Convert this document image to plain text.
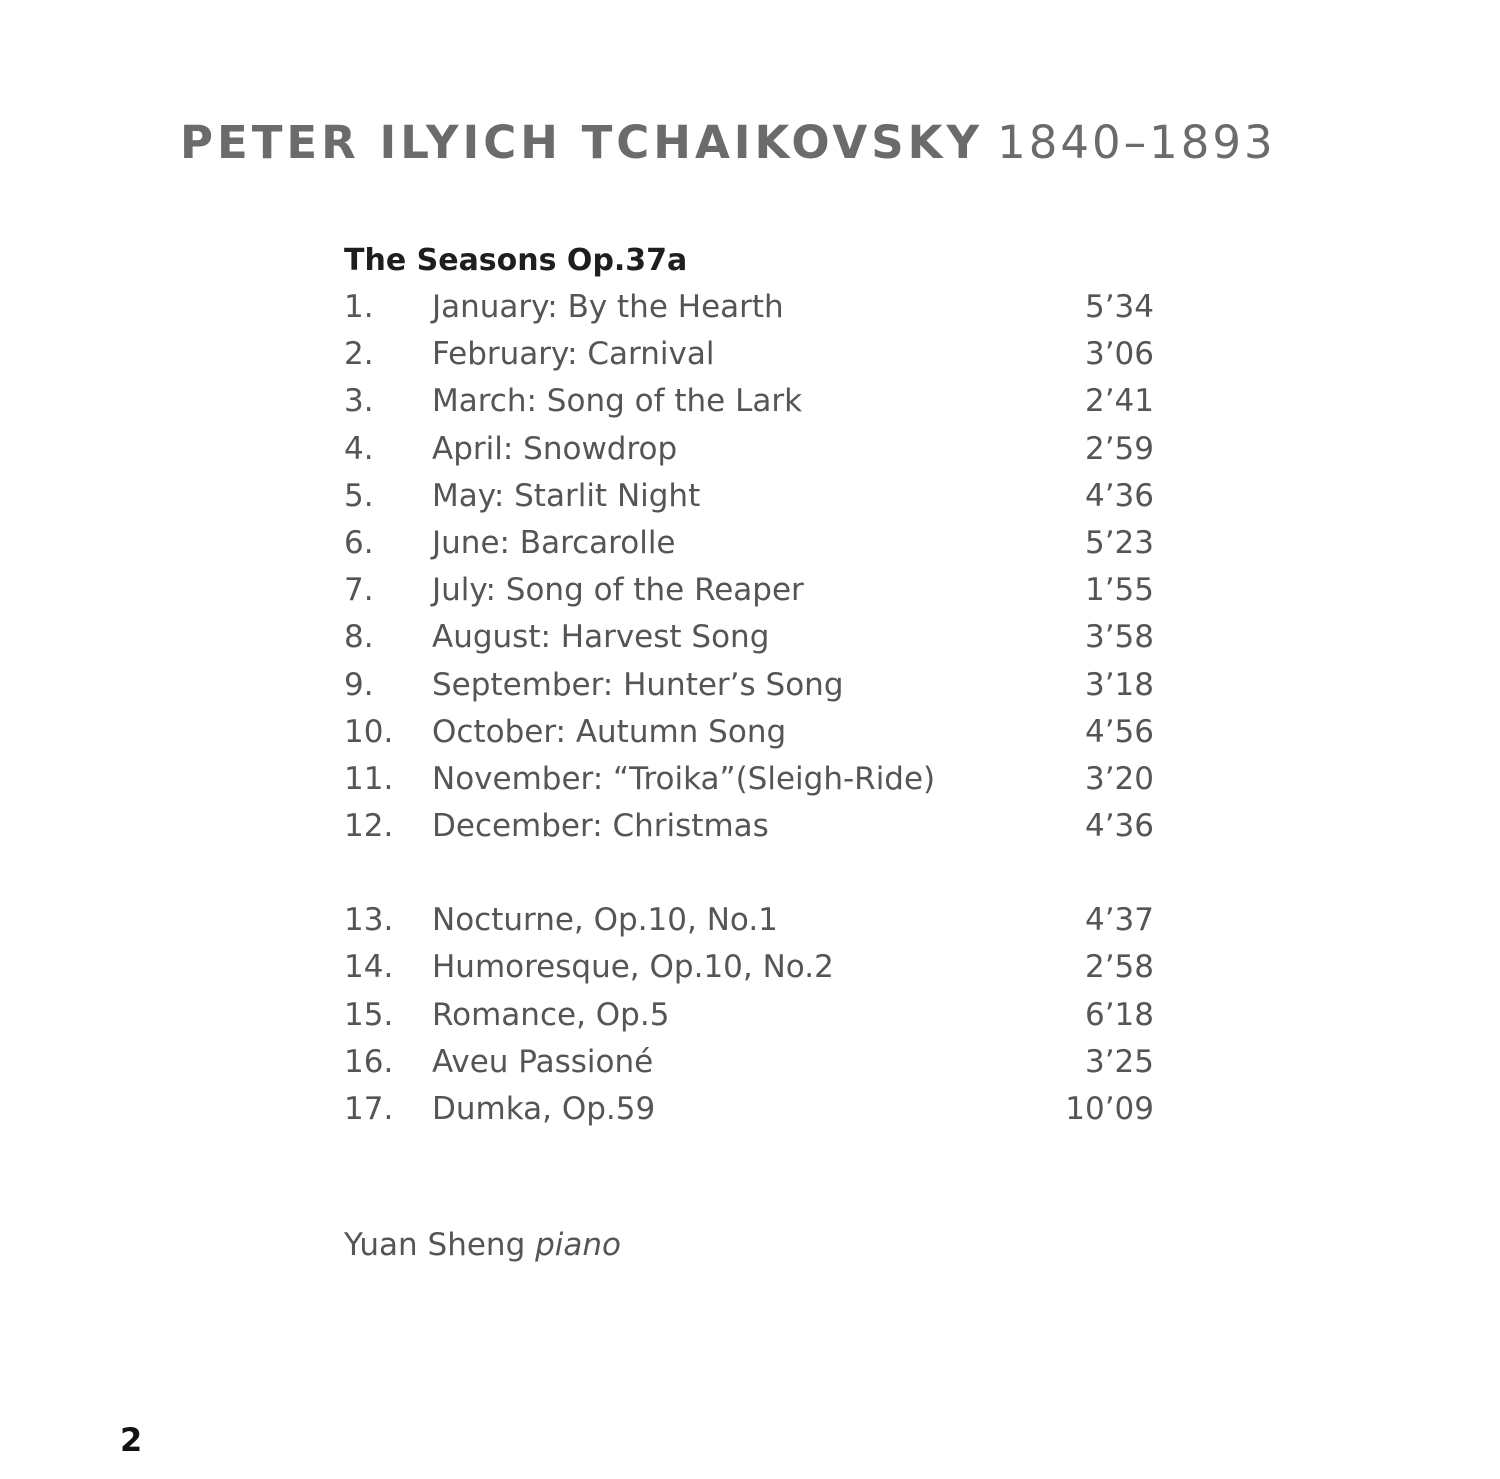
PETER ILYICH TCHAIKOVSKY 1840–1893
The Seasons Op.37a
1. January: By the Hearth	5’34
2. February: Carnival	3’06
3. March: Song of the Lark	2’41
4. April: Snowdrop	2’59
5. May: Starlit Night	4’36
6. June: Barcarolle	5’23
7. July: Song of the Reaper	1’55
8. August: Harvest Song	3’58
9. September: Hunter’s Song	3’18
10. October: Autumn Song	4’56
11. November: “Troika”(Sleigh-Ride)	3’20
12. December: Christmas	4’36
13. Nocturne, Op.10, No.1	4’37
14. Humoresque, Op.10, No.2	2’58
15. Romance, Op.5	6’18
16. Aveu Passioné	3’25
17. Dumka, Op.59	10’09
Yuan Sheng piano
2
